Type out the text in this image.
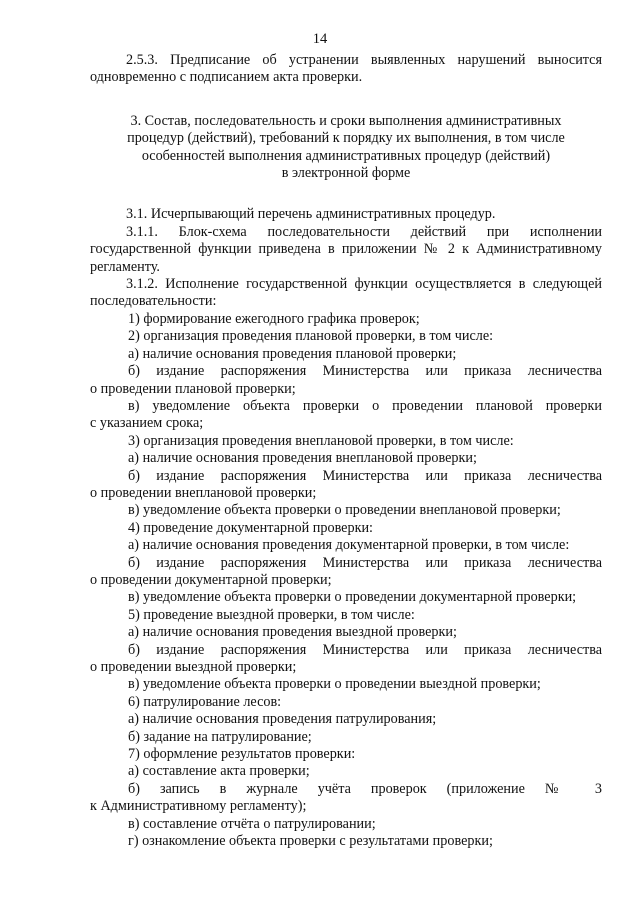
14

2.5.3. Предписание об устранении выявленных нарушений выносится

одновременно с подписанием акта проверки.

3. Состав, последовательность и сроки выполнения административных
процедур (действий), требований к порядку их выполнения, в том числе
особенностей выполнения административных процедур (действий)
в электронной форме

3.1. Исчерпывающий перечень административных процедур.

3.1.1. Блок-схема последовательности действий при исполнении

государственной функции приведена в приложении № 2 к Административному регламенту.

3.1.2. Исполнение государственной функции осуществляется в следующей

последовательности:

1) формирование ежегодного графика проверок;

2) организация проведения плановой проверки, в том числе:

а) наличие основания проведения плановой проверки;

б) издание распоряжения Министерства или приказа лесничества

о проведении плановой проверки;

в) уведомление объекта проверки о проведении плановой проверки

с указанием срока;

3) организация проведения внеплановой проверки, в том числе:

а) наличие основания проведения внеплановой проверки;

б) издание распоряжения Министерства или приказа лесничества

о проведении внеплановой проверки;

в) уведомление объекта проверки о проведении внеплановой проверки;

4) проведение документарной проверки:

а) наличие основания проведения документарной проверки, в том числе:

б) издание распоряжения Министерства или приказа лесничества

о проведении документарной проверки;

в) уведомление объекта проверки о проведении документарной проверки;

5) проведение выездной проверки, в том числе:

а) наличие основания проведения выездной проверки;

б) издание распоряжения Министерства или приказа лесничества

о проведении выездной проверки;

в) уведомление объекта проверки о проведении выездной проверки;

6) патрулирование лесов:

а) наличие основания проведения патрулирования;

б) задание на патрулирование;

7) оформление результатов проверки:

а) составление акта проверки;

б) запись в журнале учёта проверок (приложение № 3

к Административному регламенту);

в) составление отчёта о патрулировании;

г) ознакомление объекта проверки с результатами проверки;
